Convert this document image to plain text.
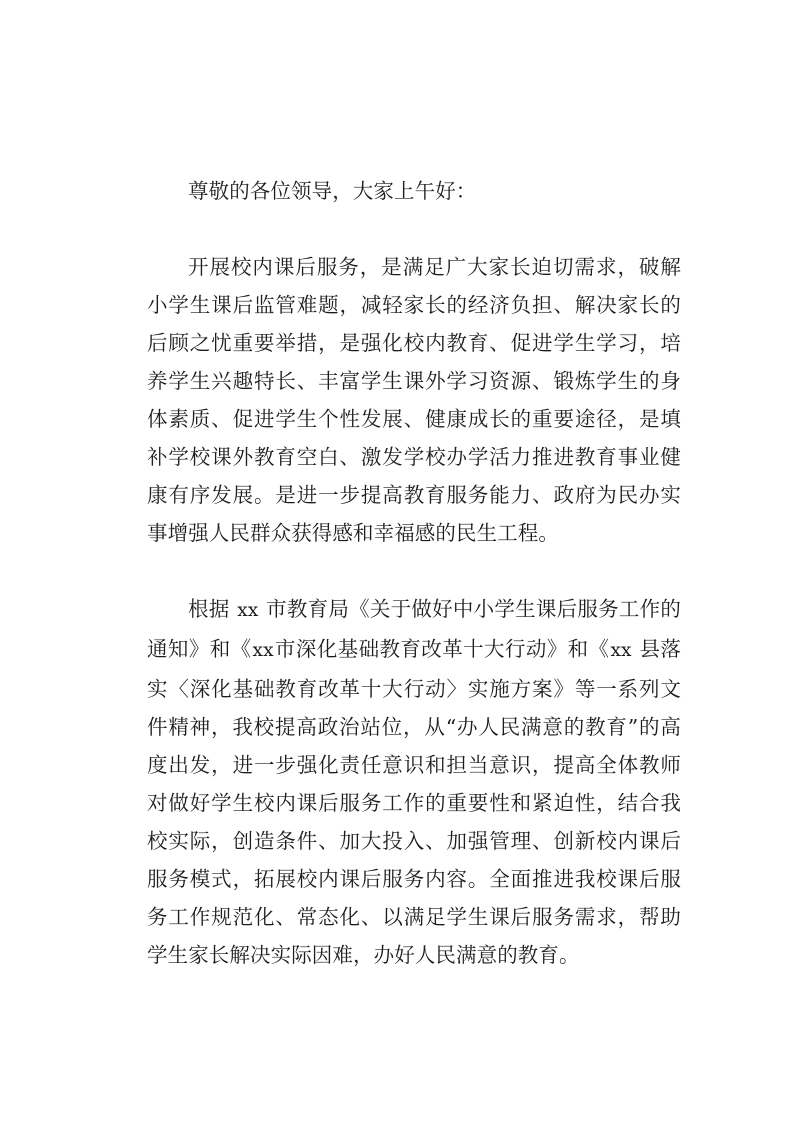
尊敬的各位领导，大家上午好：

开展校内课后服务，是满足广大家长迫切需求，破解小学生课后监管难题，减轻家长的经济负担、解决家长的后顾之忧重要举措，是强化校内教育、促进学生学习，培养学生兴趣特长、丰富学生课外学习资源、锻炼学生的身体素质、促进学生个性发展、健康成长的重要途径，是填补学校课外教育空白、激发学校办学活力推进教育事业健康有序发展。是进一步提高教育服务能力、政府为民办实事增强人民群众获得感和幸福感的民生工程。

根据 xx 市教育局《关于做好中小学生课后服务工作的通知》和《xx市深化基础教育改革十大行动》和《xx 县落实〈深化基础教育改革十大行动〉实施方案》等一系列文件精神，我校提高政治站位，从“办人民满意的教育”的高度出发，进一步强化责任意识和担当意识，提高全体教师对做好学生校内课后服务工作的重要性和紧迫性，结合我校实际，创造条件、加大投入、加强管理、创新校内课后服务模式，拓展校内课后服务内容。全面推进我校课后服务工作规范化、常态化、以满足学生课后服务需求，帮助学生家长解决实际因难，办好人民满意的教育。
